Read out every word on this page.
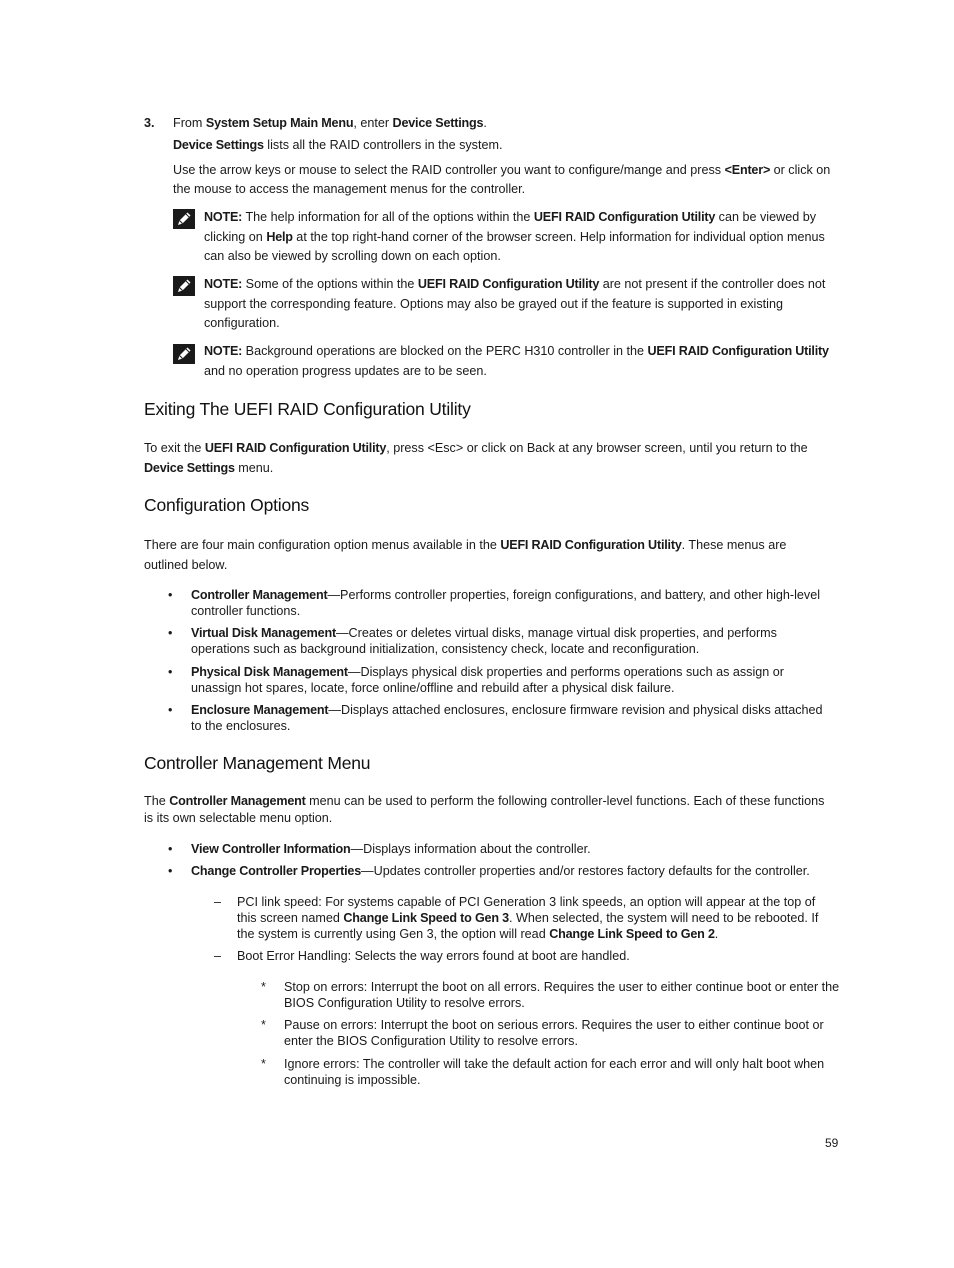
3. From System Setup Main Menu, enter Device Settings.
Device Settings lists all the RAID controllers in the system.
Use the arrow keys or mouse to select the RAID controller you want to configure/mange and press <Enter> or click on the mouse to access the management menus for the controller.
NOTE: The help information for all of the options within the UEFI RAID Configuration Utility can be viewed by clicking on Help at the top right-hand corner of the browser screen. Help information for individual option menus can also be viewed by scrolling down on each option.
NOTE: Some of the options within the UEFI RAID Configuration Utility are not present if the controller does not support the corresponding feature. Options may also be grayed out if the feature is supported in existing configuration.
NOTE: Background operations are blocked on the PERC H310 controller in the UEFI RAID Configuration Utility and no operation progress updates are to be seen.
Exiting The UEFI RAID Configuration Utility
To exit the UEFI RAID Configuration Utility, press <Esc> or click on Back at any browser screen, until you return to the Device Settings menu.
Configuration Options
There are four main configuration option menus available in the UEFI RAID Configuration Utility. These menus are outlined below.
• Controller Management—Performs controller properties, foreign configurations, and battery, and other high-level controller functions.
• Virtual Disk Management—Creates or deletes virtual disks, manage virtual disk properties, and performs operations such as background initialization, consistency check, locate and reconfiguration.
• Physical Disk Management—Displays physical disk properties and performs operations such as assign or unassign hot spares, locate, force online/offline and rebuild after a physical disk failure.
• Enclosure Management—Displays attached enclosures, enclosure firmware revision and physical disks attached to the enclosures.
Controller Management Menu
The Controller Management menu can be used to perform the following controller-level functions. Each of these functions is its own selectable menu option.
• View Controller Information—Displays information about the controller.
• Change Controller Properties—Updates controller properties and/or restores factory defaults for the controller.
– PCI link speed: For systems capable of PCI Generation 3 link speeds, an option will appear at the top of this screen named Change Link Speed to Gen 3. When selected, the system will need to be rebooted. If the system is currently using Gen 3, the option will read Change Link Speed to Gen 2.
– Boot Error Handling: Selects the way errors found at boot are handled.
* Stop on errors: Interrupt the boot on all errors. Requires the user to either continue boot or enter the BIOS Configuration Utility to resolve errors.
* Pause on errors: Interrupt the boot on serious errors. Requires the user to either continue boot or enter the BIOS Configuration Utility to resolve errors.
* Ignore errors: The controller will take the default action for each error and will only halt boot when continuing is impossible.
59
